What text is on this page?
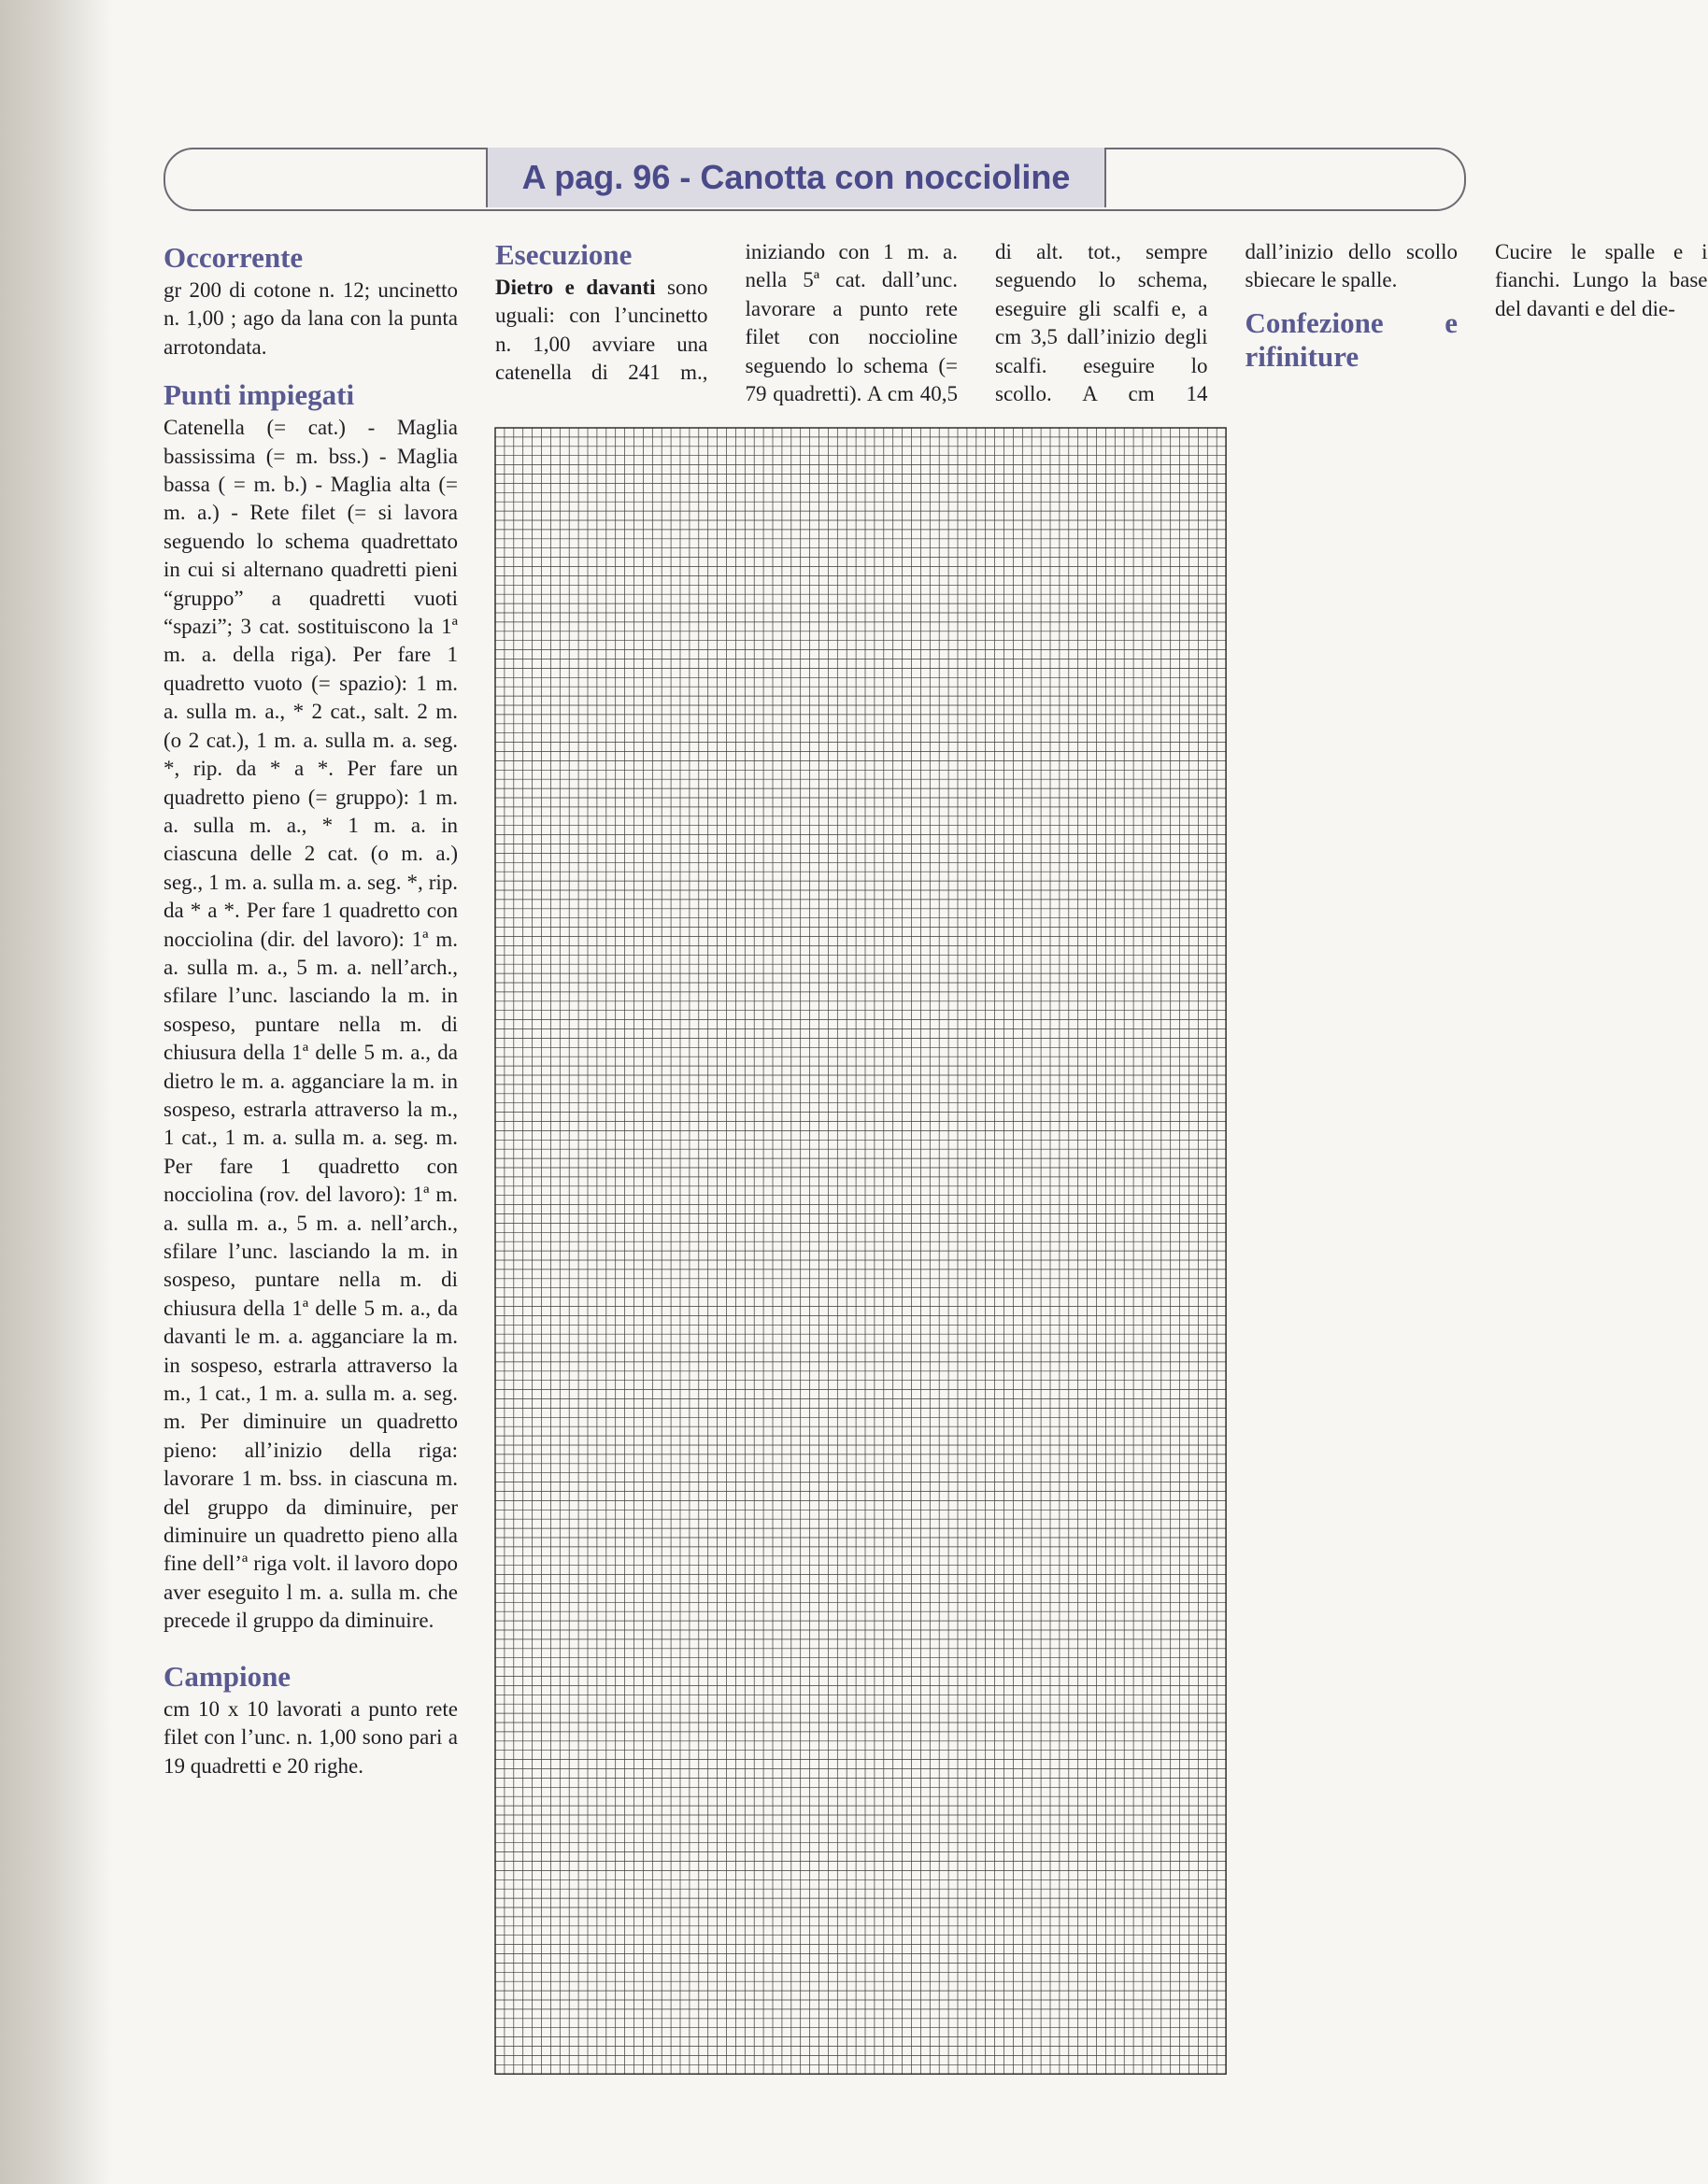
A pag. 96 - Canotta con noccioline
Occorrente

gr 200 di cotone n. 12; uncinetto n. 1,00 ; ago da lana con la punta arrotondata.

Punti impiegati

Catenella (= cat.) - Maglia bassissima (= m. bss.) - Maglia bassa ( = m. b.) - Maglia alta (= m. a.) - Rete filet (= si lavora seguendo lo schema quadrettato in cui si alternano quadretti pieni “gruppo” a quadretti vuoti “spazi”; 3 cat. sostituiscono la 1ª m. a. della riga). Per fare 1 quadretto vuoto (= spazio): 1 m. a. sulla m. a., * 2 cat., salt. 2 m. (o 2 cat.), 1 m. a. sulla m. a. seg. *, rip. da * a *. Per fare un quadretto pieno (= gruppo): 1 m. a. sulla m. a., * 1 m. a. in ciascuna delle 2 cat. (o m. a.) seg., 1 m. a. sulla m. a. seg. *, rip. da * a *. Per fare 1 quadretto con nocciolina (dir. del lavoro): 1ª m. a. sulla m. a., 5 m. a. nell’arch., sfilare l’unc. lasciando la m. in sospeso, puntare nella m. di chiusura della 1ª delle 5 m. a., da dietro le m. a. agganciare la m. in sospeso, estrarla attraverso la m., 1 cat., 1 m. a. sulla m. a. seg. m. Per fare 1 quadretto con nocciolina (rov. del lavoro): 1ª m. a. sulla m. a., 5 m. a. nell’arch., sfilare l’unc. lasciando la m. in sospeso, puntare nella m. di chiusura della 1ª delle 5 m. a., da davanti le m. a. agganciare la m. in sospeso, estrarla attraverso la m., 1 cat., 1 m. a. sulla m. a. seg. m. Per diminuire un quadretto pieno: all’inizio della riga: lavorare 1 m. bss. in ciascuna m. del gruppo da diminuire, per diminuire un quadretto pieno alla fine dell’ª riga volt. il lavoro dopo aver eseguito l m. a. sulla m. che precede il gruppo da diminuire.

Campione

cm 10 x 10 lavorati a punto rete filet con l’unc. n. 1,00 sono pari a 19 quadretti e 20 righe.

Esecuzione

Dietro e davanti sono uguali: con l’uncinetto n. 1,00 avviare una catenella di 241 m., iniziando con 1 m. a. nella 5ª cat. dall’unc. lavorare a punto rete filet con noccioline seguendo lo schema (= 79 quadretti). A cm 40,5 di alt. tot., sempre seguendo lo schema, eseguire gli scalfi e, a cm 3,5 dall’inizio degli scalfi. eseguire lo scollo. A cm 14 dall’inizio dello scollo sbiecare le spalle.

Confezione e rifiniture

Cucire le spalle e i fianchi. Lungo la base del davanti e del die-
